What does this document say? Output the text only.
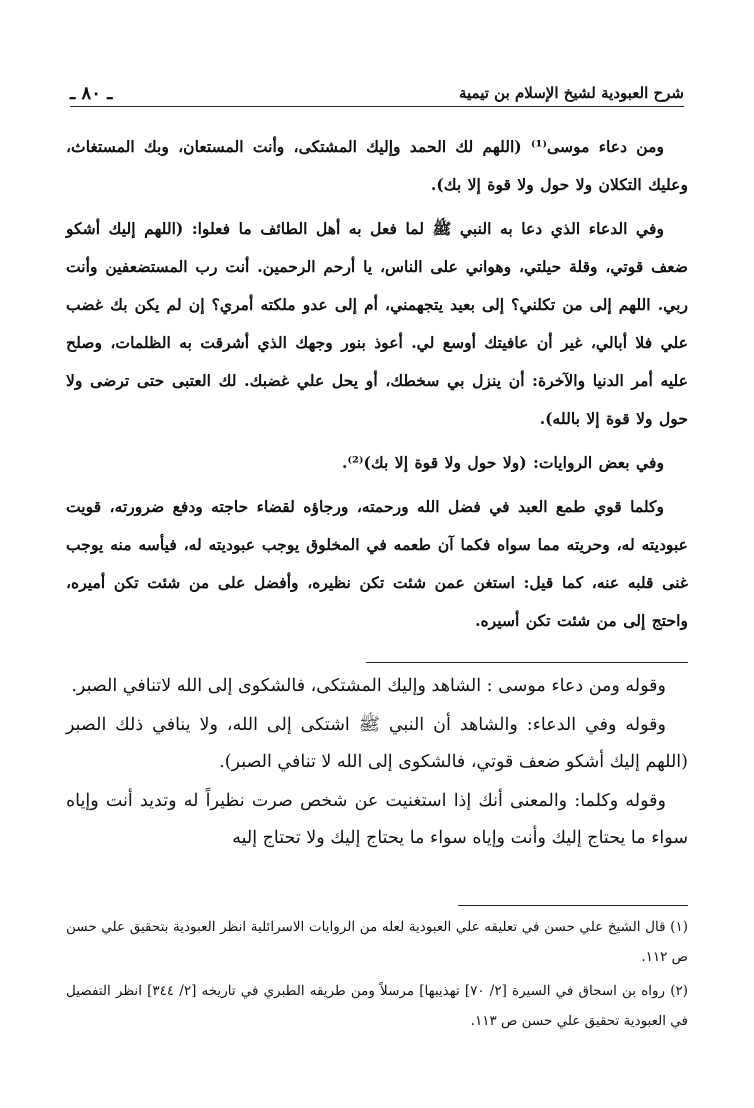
شرح العبودية لشيخ الإسلام بن تيمية
ـ ٨٠ ـ

ومن دعاء موسى⁽¹⁾ (اللهم لك الحمد وإليك المشتكى، وأنت المستعان، وبك المستغاث، وعليك التكلان ولا حول ولا قوة إلا بك).

وفي الدعاء الذي دعا به النبي ﷺ لما فعل به أهل الطائف ما فعلوا: (اللهم إليك أشكو ضعف قوتي، وقلة حيلتي، وهواني على الناس، يا أرحم الرحمين. أنت رب المستضعفين وأنت ربي. اللهم إلى من تكلني؟ إلى بعيد يتجهمني، أم إلى عدو ملكته أمري؟ إن لم يكن بك غضب علي فلا أبالي، غير أن عافيتك أوسع لي. أعوذ بنور وجهك الذي أشرقت به الظلمات، وصلح عليه أمر الدنيا والآخرة: أن ينزل بي سخطك، أو يحل علي غضبك. لك العتبى حتى ترضى ولا حول ولا قوة إلا بالله).

وفي بعض الروايات: (ولا حول ولا قوة إلا بك)⁽²⁾.

وكلما قوي طمع العبد في فضل الله ورحمته، ورجاؤه لقضاء حاجته ودفع ضرورته، قويت عبوديته له، وحريته مما سواه فكما آن طعمه في المخلوق يوجب عبوديته له، فيأسه منه يوجب غنى قلبه عنه، كما قيل: استغن عمن شئت تكن نظيره، وأفضل على من شئت تكن أميره، واحتج إلى من شئت تكن أسيره.

وقوله ومن دعاء موسى : الشاهد وإليك المشتكى، فالشكوى إلى الله لاتنافي الصبر.

وقوله وفي الدعاء: والشاهد أن النبي ﷺ اشتكى إلى الله، ولا ينافي ذلك الصبر (اللهم إليك أشكو ضعف قوتي، فالشكوى إلى الله لا تنافي الصبر).

وقوله وكلما: والمعنى أنك إذا استغنيت عن شخص صرت نظيراً له وتديد أنت وإياه سواء ما يحتاج إليك وأنت وإياه سواء ما يحتاج إليك ولا تحتاج إليه

(١) قال الشيخ علي حسن في تعليقه علي العبودية لعله من الروايات الاسرائلية انظر العبودية بتحقيق علي حسن ص ١١٢.

(٢) رواه بن اسحاق في السيرة [٢/ ٧٠] تهذيبها] مرسلاً ومن طريقه الطبري في تاريخه [٢/ ٣٤٤] انظر التفصيل في العبودية تحقيق علي حسن ص ١١٣.
